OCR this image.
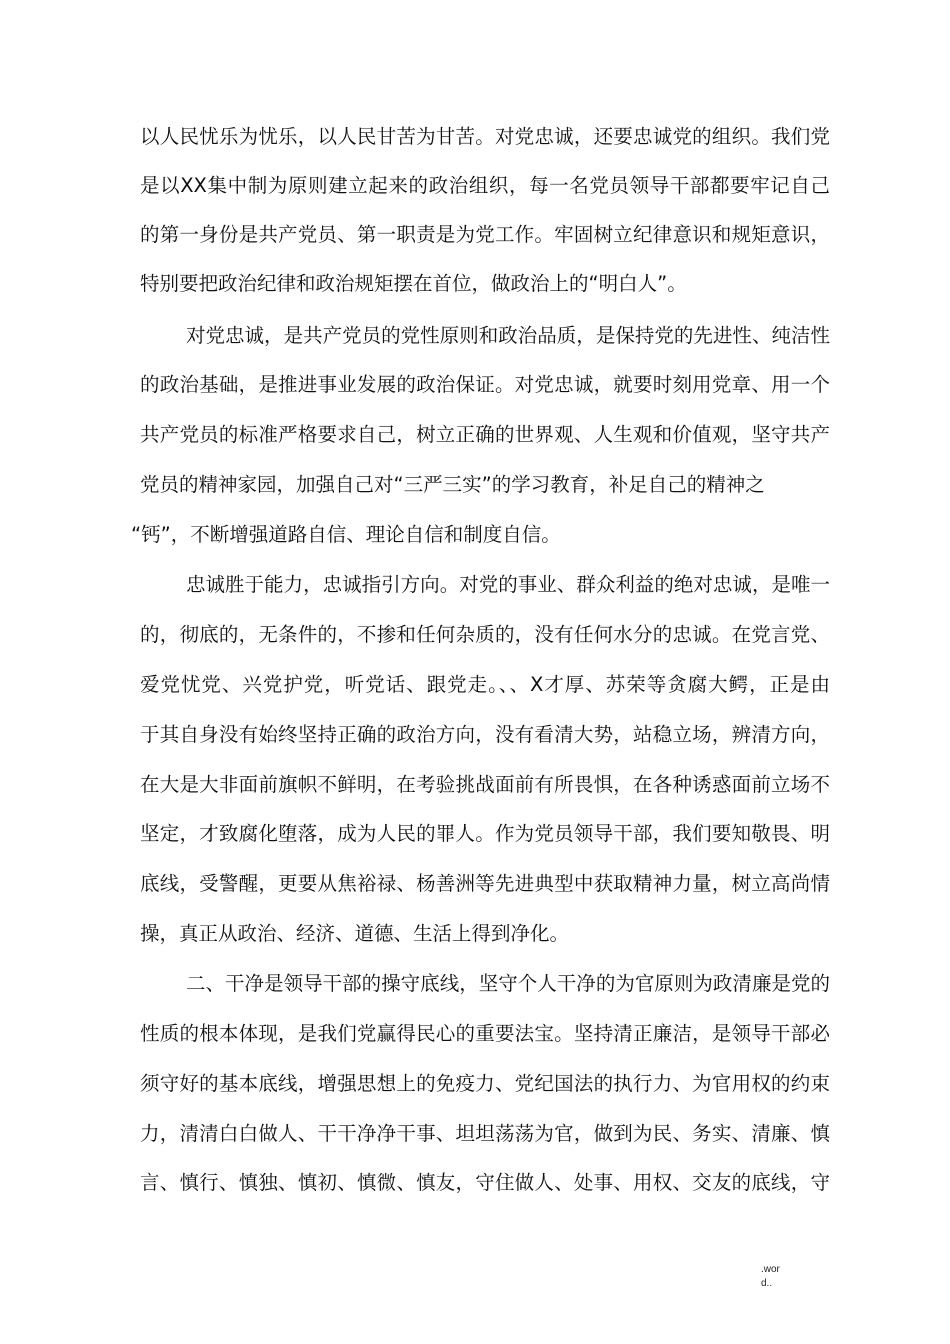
以人民忧乐为忧乐，以人民甘苦为甘苦。对党忠诚，还要忠诚党的组织。我们党
是以XX集中制为原则建立起来的政治组织，每一名党员领导干部都要牢记自己
的第一身份是共产党员、第一职责是为党工作。牢固树立纪律意识和规矩意识，
特别要把政治纪律和政治规矩摆在首位，做政治上的“明白人”。
对党忠诚，是共产党员的党性原则和政治品质，是保持党的先进性、纯洁性
的政治基础，是推进事业发展的政治保证。对党忠诚，就要时刻用党章、用一个
共产党员的标准严格要求自己，树立正确的世界观、人生观和价值观，坚守共产
党员的精神家园，加强自己对“三严三实”的学习教育，补足自己的精神之
“钙”，不断增强道路自信、理论自信和制度自信。
忠诚胜于能力，忠诚指引方向。对党的事业、群众利益的绝对忠诚，是唯一
的，彻底的，无条件的，不掺和任何杂质的，没有任何水分的忠诚。在党言党、
爱党忧党、兴党护党，听党话、跟党走。、、X才厚、苏荣等贪腐大鳄，正是由
于其自身没有始终坚持正确的政治方向，没有看清大势，站稳立场，辨清方向，
在大是大非面前旗帜不鲜明，在考验挑战面前有所畏惧，在各种诱惑面前立场不
坚定，才致腐化堕落，成为人民的罪人。作为党员领导干部，我们要知敬畏、明
底线，受警醒，更要从焦裕禄、杨善洲等先进典型中获取精神力量，树立高尚情
操，真正从政治、经济、道德、生活上得到净化。
二、干净是领导干部的操守底线，坚守个人干净的为官原则为政清廉是党的
性质的根本体现，是我们党赢得民心的重要法宝。坚持清正廉洁，是领导干部必
须守好的基本底线，增强思想上的免疫力、党纪国法的执行力、为官用权的约束
力，清清白白做人、干干净净干事、坦坦荡荡为官，做到为民、务实、清廉、慎
言、慎行、慎独、慎初、慎微、慎友，守住做人、处事、用权、交友的底线，守
.wor
d..
